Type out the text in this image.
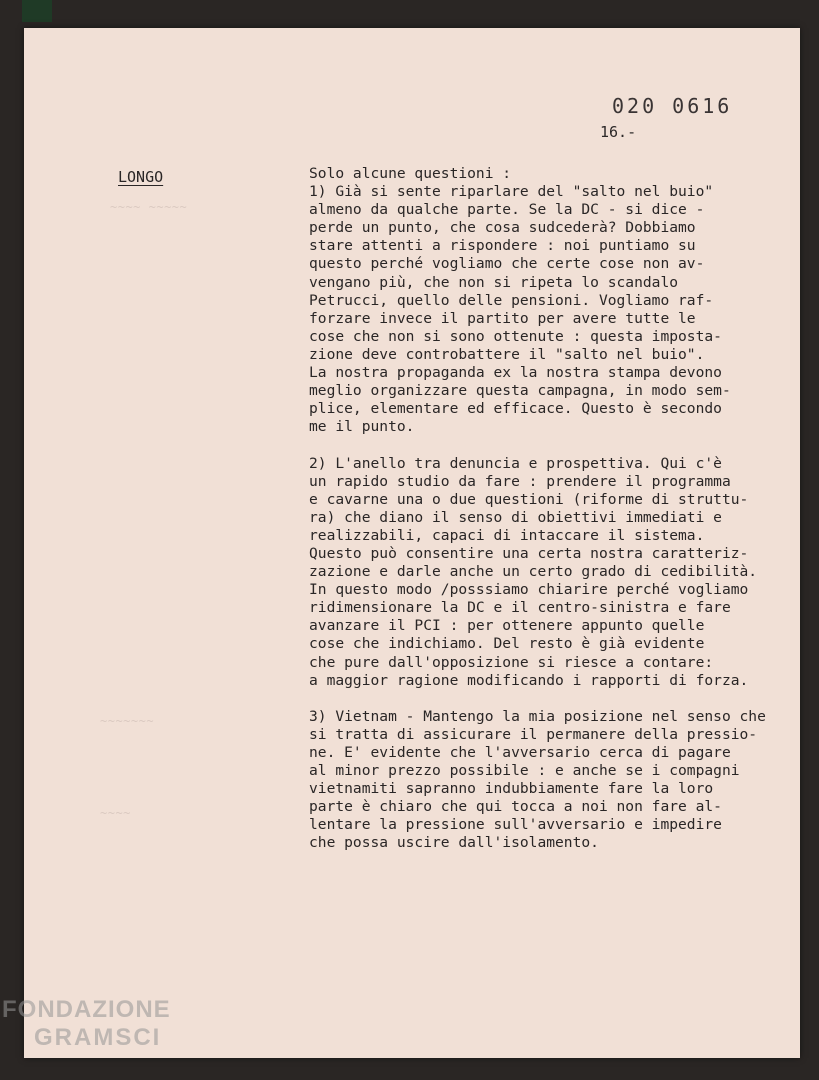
~~~~ ~~~~~
~~~~~~~
~~~~
020 0616
16.-
LONGO	Solo alcune questioni :
1) Già si sente riparlare del "salto nel buio"
almeno da qualche parte. Se la DC - si dice -
perde un punto, che cosa sudcederà? Dobbiamo
stare attenti a rispondere : noi puntiamo su
questo perché vogliamo che certe cose non av-
vengano più, che non si ripeta lo scandalo
Petrucci, quello delle pensioni. Vogliamo raf-
forzare invece il partito per avere tutte le
cose che non si sono ottenute : questa imposta-
zione deve controbattere il "salto nel buio".
La nostra propaganda ex la nostra stampa devono
meglio organizzare questa campagna, in modo sem-
plice, elementare ed efficace. Questo è secondo
me il punto.
2) L'anello tra denuncia e prospettiva. Qui c'è
un rapido studio da fare : prendere il programma
e cavarne una o due questioni (riforme di struttu-
ra) che diano il senso di obiettivi immediati e
realizzabili, capaci di intaccare il sistema.
Questo può consentire una certa nostra caratteriz-
zazione e darle anche un certo grado di cedibilità.
In questo modo /posssiamo chiarire perché vogliamo
ridimensionare la DC e il centro-sinistra e fare
avanzare il PCI : per ottenere appunto quelle
cose che indichiamo. Del resto è già evidente
che pure dall'opposizione si riesce a contare:
a maggior ragione modificando i rapporti di forza.
3) Vietnam - Mantengo la mia posizione nel senso che
si tratta di assicurare il permanere della pressio-
ne. E' evidente che l'avversario cerca di pagare
al minor prezzo possibile : e anche se i compagni
vietnamiti sapranno indubbiamente fare la loro
parte è chiaro che qui tocca a noi non fare al-
lentare la pressione sull'avversario e impedire
che possa uscire dall'isolamento.
FONDAZIONE
GRAMSCI
